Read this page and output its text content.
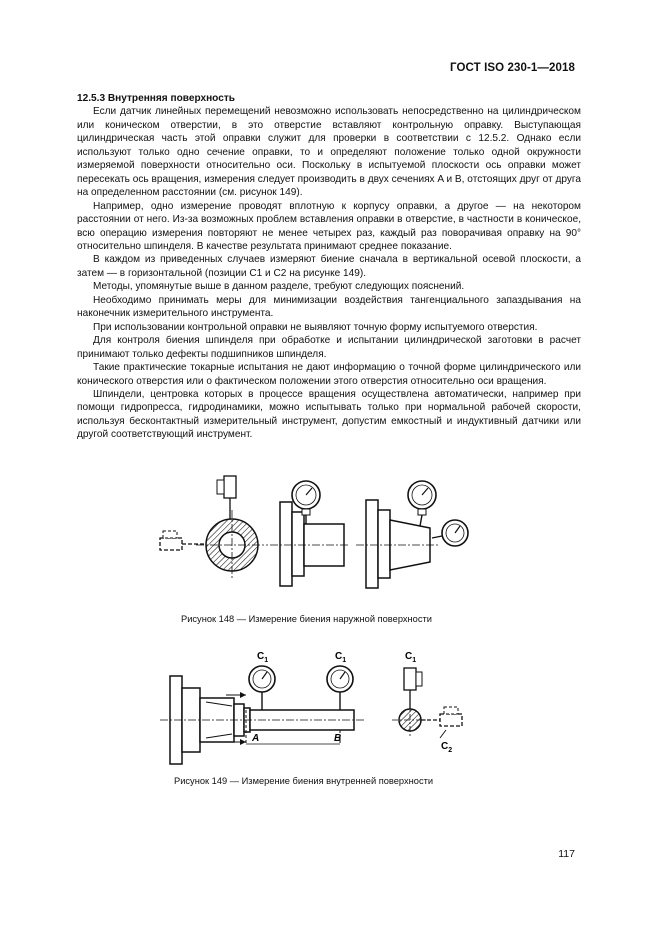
ГОСТ ISO 230-1—2018

12.5.3 Внутренняя поверхность

Если датчик линейных перемещений невозможно использовать непосредственно на цилиндрическом или коническом отверстии, в это отверстие вставляют контрольную оправку. Выступающая цилиндрическая часть этой оправки служит для проверки в соответствии с 12.5.2. Однако если используют только одно сечение оправки, то и определяют положение только одной окружности измеряемой поверхности относительно оси. Поскольку в испытуемой плоскости ось оправки может пересекать ось вращения, измерения следует производить в двух сечениях A и B, отстоящих друг от друга на определенном расстоянии (см. рисунок 149).

Например, одно измерение проводят вплотную к корпусу оправки, а другое — на некотором расстоянии от него. Из-за возможных проблем вставления оправки в отверстие, в частности в коническое, всю операцию измерения повторяют не менее четырех раз, каждый раз поворачивая оправку на 90° относительно шпинделя. В качестве результата принимают среднее показание.

В каждом из приведенных случаев измеряют биение сначала в вертикальной осевой плоскости, а затем — в горизонтальной (позиции C1 и C2 на рисунке 149).

Методы, упомянутые выше в данном разделе, требуют следующих пояснений.

Необходимо принимать меры для минимизации воздействия тангенциального запаздывания на наконечник измерительного инструмента.

При использовании контрольной оправки не выявляют точную форму испытуемого отверстия.

Для контроля биения шпинделя при обработке и испытании цилиндрической заготовки в расчет принимают только дефекты подшипников шпинделя.

Такие практические токарные испытания не дают информацию о точной форме цилиндрического или конического отверстия или о фактическом положении этого отверстия относительно оси вращения.

Шпиндели, центровка которых в процессе вращения осуществлена автоматически, например при помощи гидропресса, гидродинамики, можно испытывать только при нормальной рабочей скорости, используя бесконтактный измерительный инструмент, допустим емкостный и индуктивный датчики или другой соответствующий инструмент.

Рисунок 148 — Измерение биения наружной поверхности
$C_1$	$C_1$	$C_1$
$C_2$
A	B
Рисунок 149 — Измерение биения внутренней поверхности
117
